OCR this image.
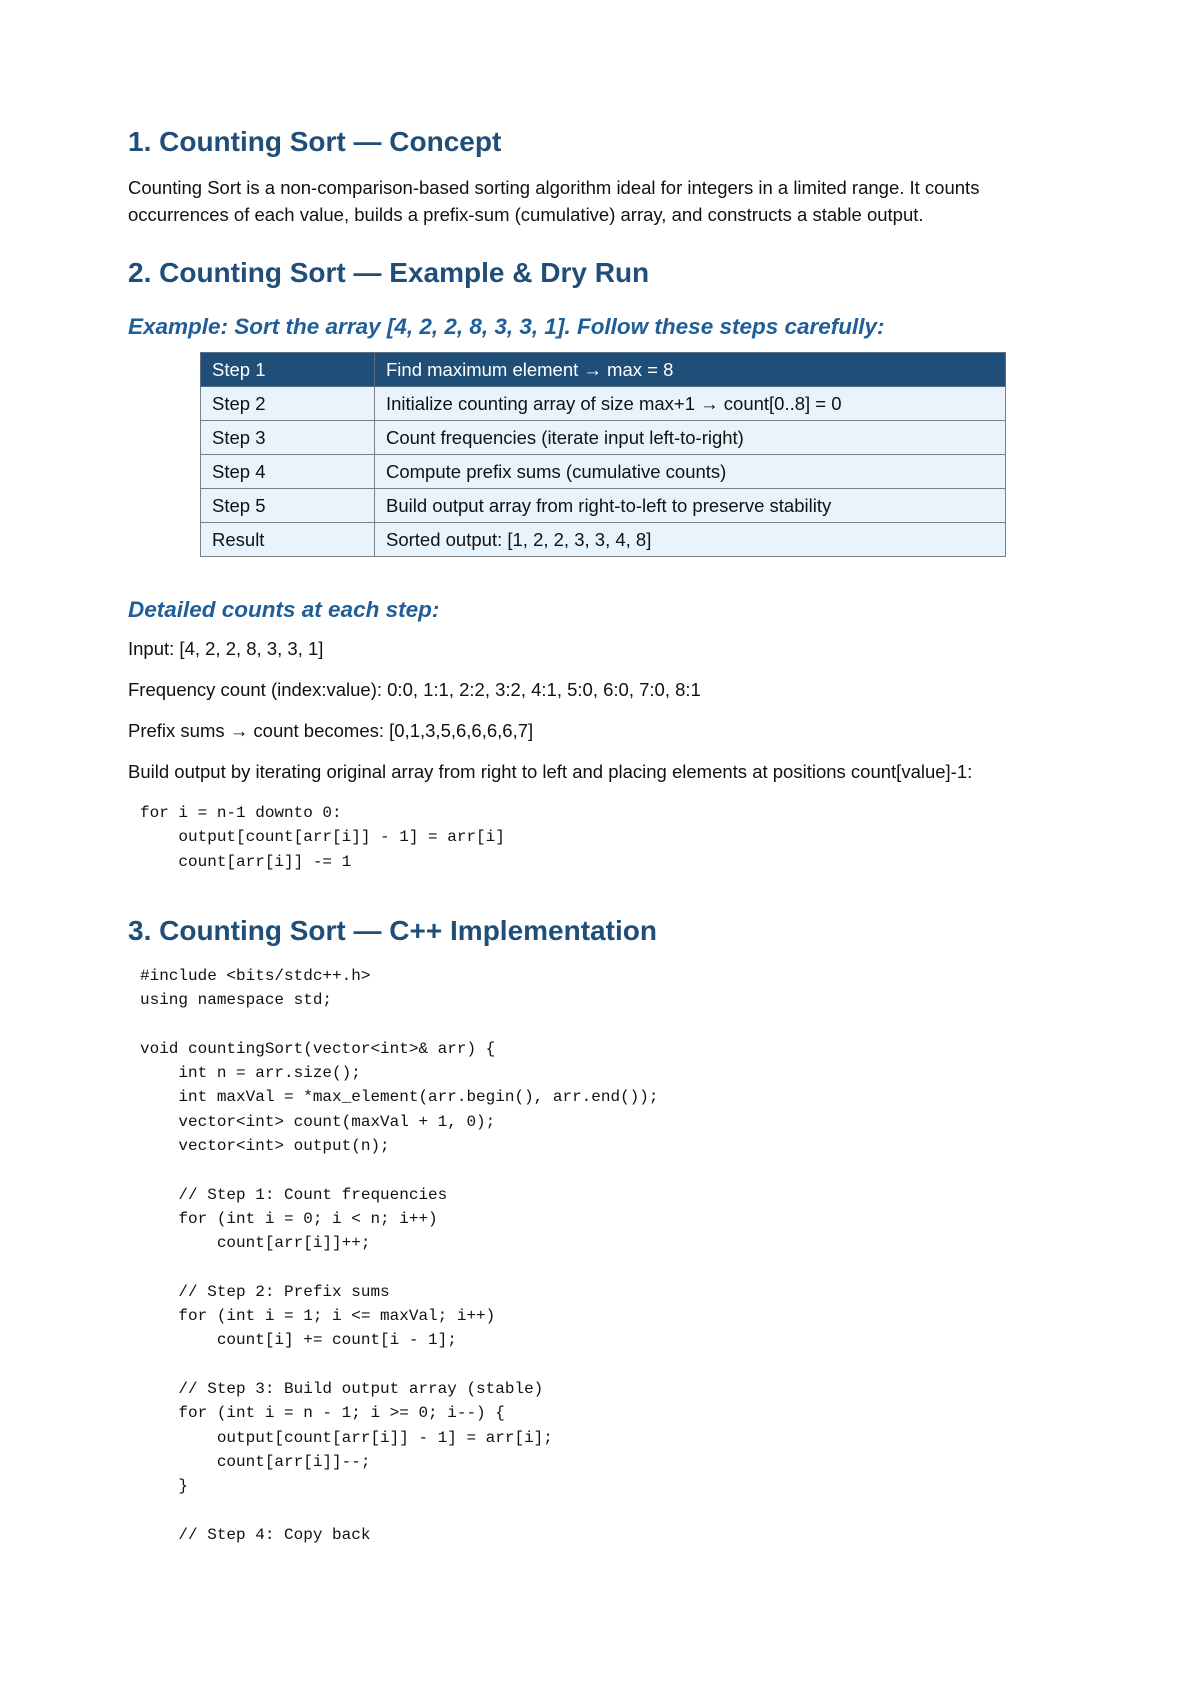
1. Counting Sort — Concept

Counting Sort is a non-comparison-based sorting algorithm ideal for integers in a limited range. It counts occurrences of each value, builds a prefix-sum (cumulative) array, and constructs a stable output.

2. Counting Sort — Example & Dry Run
Example: Sort the array [4, 2, 2, 8, 3, 3, 1]. Follow these steps carefully:
Step 1	Find maximum element → max = 8
Step 2	Initialize counting array of size max+1 → count[0..8] = 0
Step 3	Count frequencies (iterate input left-to-right)
Step 4	Compute prefix sums (cumulative counts)
Step 5	Build output array from right-to-left to preserve stability
Result	Sorted output: [1, 2, 2, 3, 3, 4, 8]
Detailed counts at each step:

Input: [4, 2, 2, 8, 3, 3, 1]

Frequency count (index:value): 0:0, 1:1, 2:2, 3:2, 4:1, 5:0, 6:0, 7:0, 8:1

Prefix sums → count becomes: [0,1,3,5,6,6,6,6,7]

Build output by iterating original array from right to left and placing elements at positions count[value]-1:

for i = n-1 downto 0:
output[count[arr[i]] - 1] = arr[i]
count[arr[i]] -= 1
3. Counting Sort — C++ Implementation
#include <bits/stdc++.h>
using namespace std;

void countingSort(vector<int>& arr) {
int n = arr.size();
int maxVal = *max_element(arr.begin(), arr.end());
vector<int> count(maxVal + 1, 0);
vector<int> output(n);

// Step 1: Count frequencies
for (int i = 0; i < n; i++)
count[arr[i]]++;

// Step 2: Prefix sums
for (int i = 1; i <= maxVal; i++)
count[i] += count[i - 1];

// Step 3: Build output array (stable)
for (int i = n - 1; i >= 0; i--) {
output[count[arr[i]] - 1] = arr[i];
count[arr[i]]--;
}

// Step 4: Copy back
